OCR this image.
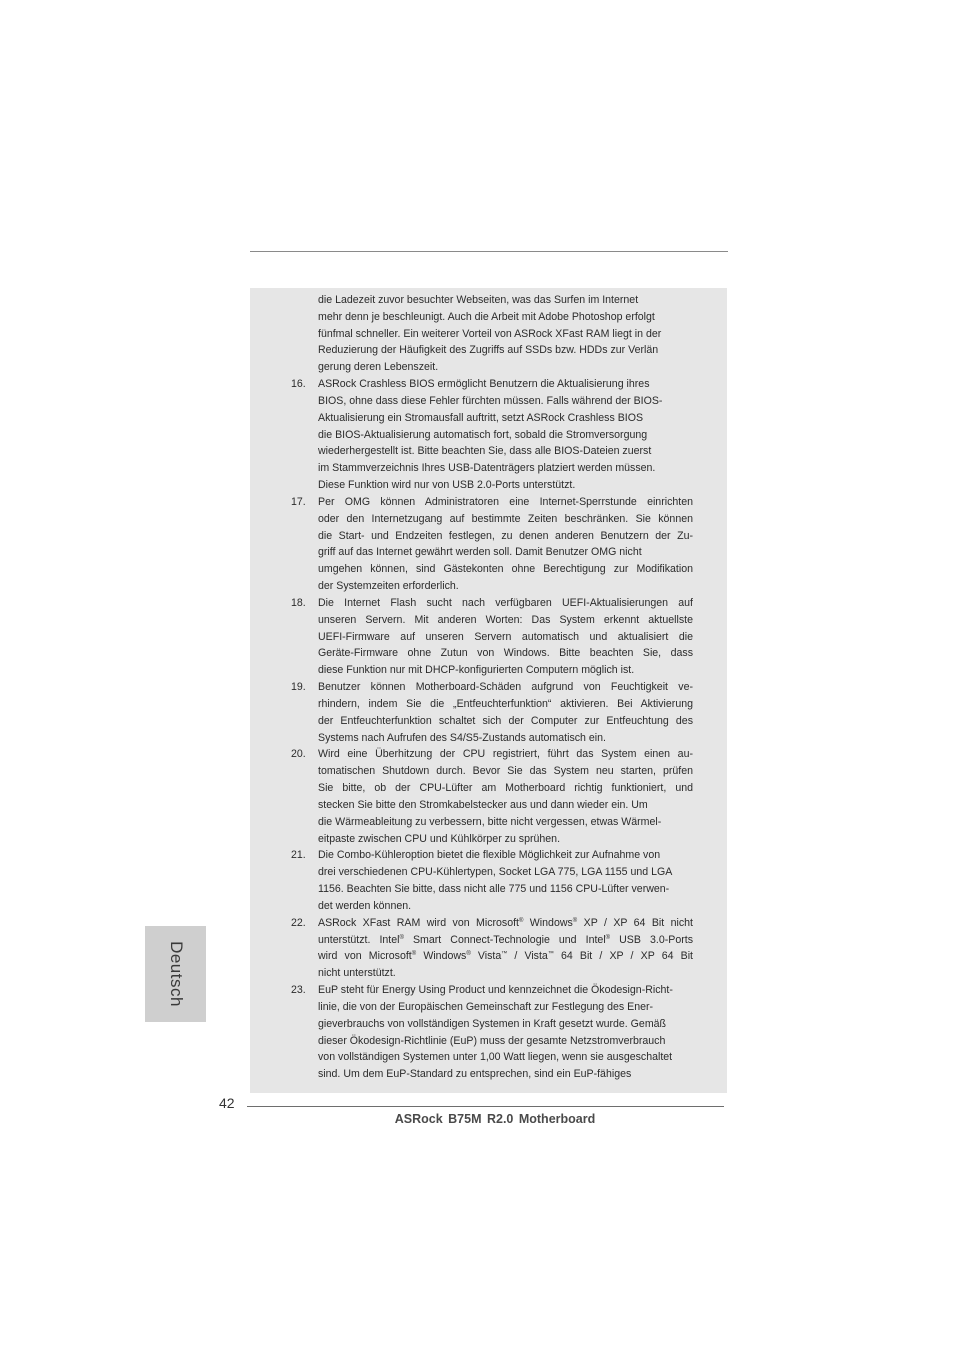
die Ladezeit zuvor besuchter Webseiten, was das Surfen im Internet
mehr denn je beschleunigt. Auch die Arbeit mit Adobe Photoshop erfolgt
fünfmal schneller. Ein weiterer Vorteil von ASRock XFast RAM liegt in der
Reduzierung der Häufigkeit des Zugriffs auf SSDs bzw. HDDs zur Verlän
gerung deren Lebenszeit.
16.	ASRock Crashless BIOS ermöglicht Benutzern die Aktualisierung ihres
BIOS, ohne dass diese Fehler fürchten müssen. Falls während der BIOS-
Aktualisierung ein Stromausfall auftritt, setzt ASRock Crashless BIOS
die BIOS-Aktualisierung automatisch fort, sobald die Stromversorgung
wiederhergestellt ist. Bitte beachten Sie, dass alle BIOS-Dateien zuerst
im Stammverzeichnis Ihres USB-Datenträgers platziert werden müssen.
Diese Funktion wird nur von USB 2.0-Ports unterstützt.
17.	Per OMG können Administratoren eine Internet-Sperrstunde einrichten
oder den Internetzugang auf bestimmte Zeiten beschränken. Sie können
die Start- und Endzeiten festlegen, zu denen anderen Benutzern der Zu-
griff auf das Internet gewährt werden soll. Damit Benutzer OMG nicht
umgehen können, sind Gästekonten ohne Berechtigung zur Modifikation
der Systemzeiten erforderlich.
18.	Die Internet Flash sucht nach verfügbaren UEFI-Aktualisierungen auf
unseren Servern. Mit anderen Worten: Das System erkennt aktuellste
UEFI-Firmware auf unseren Servern automatisch und aktualisiert die
Geräte-Firmware ohne Zutun von Windows. Bitte beachten Sie, dass
diese Funktion nur mit DHCP-konfigurierten Computern möglich ist.
19.	Benutzer können Motherboard-Schäden aufgrund von Feuchtigkeit ve-
rhindern, indem Sie die „Entfeuchterfunktion“ aktivieren. Bei Aktivierung
der Entfeuchterfunktion schaltet sich der Computer zur Entfeuchtung des
Systems nach Aufrufen des S4/S5-Zustands automatisch ein.
20.	Wird eine Überhitzung der CPU registriert, führt das System einen au-
tomatischen Shutdown durch. Bevor Sie das System neu starten, prüfen
Sie bitte, ob der CPU-Lüfter am Motherboard richtig funktioniert, und
stecken Sie bitte den Stromkabelstecker aus und dann wieder ein. Um
die Wärmeableitung zu verbessern, bitte nicht vergessen, etwas Wärmel-
eitpaste zwischen CPU und Kühlkörper zu sprühen.
21.	Die Combo-Kühleroption bietet die flexible Möglichkeit zur Aufnahme von
drei verschiedenen CPU-Kühlertypen, Socket LGA 775, LGA 1155 und LGA
1156. Beachten Sie bitte, dass nicht alle 775 und 1156 CPU-Lüfter verwen-
det werden können.
22.	ASRock XFast RAM wird von Microsoft® Windows® XP / XP 64 Bit nicht
unterstützt. Intel® Smart Connect-Technologie und Intel® USB 3.0-Ports
wird von Microsoft® Windows® Vista™ / Vista™ 64 Bit / XP / XP 64 Bit
nicht unterstützt.
23.	EuP steht für Energy Using Product und kennzeichnet die Ökodesign-Richt-
linie, die von der Europäischen Gemeinschaft zur Festlegung des Ener-
gieverbrauchs von vollständigen Systemen in Kraft gesetzt wurde. Gemäß
dieser Ökodesign-Richtlinie (EuP) muss der gesamte Netzstromverbrauch
von vollständigen Systemen unter 1,00 Watt liegen, wenn sie ausgeschaltet
sind. Um dem EuP-Standard zu entsprechen, sind ein EuP-fähiges
Deutsch
42
ASRock B75M R2.0 Motherboard
